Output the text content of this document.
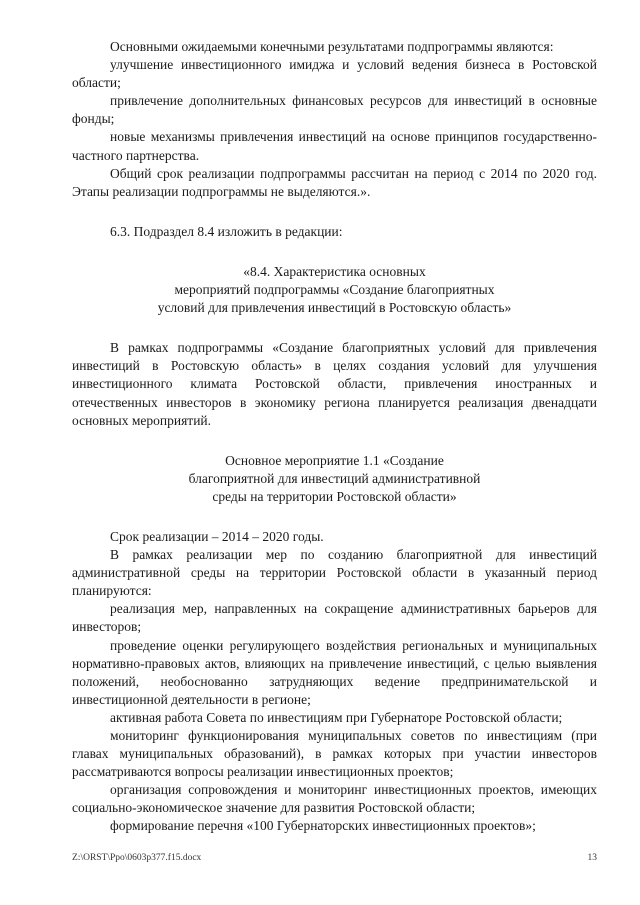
Основными ожидаемыми конечными результатами подпрограммы являются:

улучшение инвестиционного имиджа и условий ведения бизнеса в Ростовской области;

привлечение дополнительных финансовых ресурсов для инвестиций в основные фонды;

новые механизмы привлечения инвестиций на основе принципов государственно-частного партнерства.

Общий срок реализации подпрограммы рассчитан на период с 2014 по 2020 год. Этапы реализации подпрограммы не выделяются.».

6.3. Подраздел 8.4 изложить в редакции:

«8.4. Характеристика основных

мероприятий подпрограммы «Создание благоприятных

условий для привлечения инвестиций в Ростовскую область»

В рамках подпрограммы «Создание благоприятных условий для привлечения инвестиций в Ростовскую область» в целях создания условий для улучшения инвестиционного климата Ростовской области, привлечения иностранных и отечественных инвесторов в экономику региона планируется реализация двенадцати основных мероприятий.

Основное мероприятие 1.1 «Создание

благоприятной для инвестиций административной

среды на территории Ростовской области»

Срок реализации – 2014 – 2020 годы.

В рамках реализации мер по созданию благоприятной для инвестиций административной среды на территории Ростовской области в указанный период планируются:

реализация мер, направленных на сокращение административных барьеров для инвесторов;

проведение оценки регулирующего воздействия региональных и муниципальных нормативно-правовых актов, влияющих на привлечение инвестиций, с целью выявления положений, необоснованно затрудняющих ведение предпринимательской и инвестиционной деятельности в регионе;

активная работа Совета по инвестициям при Губернаторе Ростовской области;

мониторинг функционирования муниципальных советов по инвестициям (при главах муниципальных образований), в рамках которых при участии инвесторов рассматриваются вопросы реализации инвестиционных проектов;

организация сопровождения и мониторинг инвестиционных проектов, имеющих социально-экономическое значение для развития Ростовской области;

формирование перечня «100 Губернаторских инвестиционных проектов»;

Z:\ORST\Ppo\0603p377.f15.docx	13
